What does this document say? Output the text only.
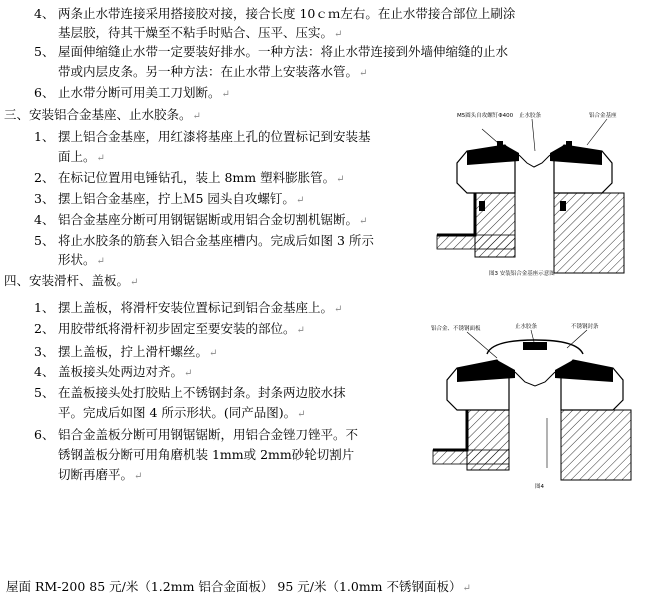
4、 两条止水带连接采用搭接胶对接，接合长度 10ｃｍ左右。在止水带接合部位上刷涂
基层胶，待其干燥至不粘手时贴合、压平、压实。↵
5、 屋面伸缩缝止水带一定要装好排水。一种方法：将止水带连接到外墙伸缩缝的止水
带或内层皮条。另一种方法：在止水带上安装落水管。↵
6、 止水带分断可用美工刀划断。↵
三、安装铝合金基座、止水胶条。↵
1、 摆上铝合金基座，用红漆将基座上孔的位置标记到安装基
面上。↵
2、 在标记位置用电锤钻孔，装上 8mm 塑料膨胀管。↵
3、 摆上铝合金基座，拧上Ｍ5 园头自攻螺钉。↵
4、 铝合金基座分断可用钢锯锯断或用铝合金切割机锯断。↵
5、 将止水胶条的筋套入铝合金基座槽内。完成后如图 3 所示
形状。↵
四、安装滑杆、盖板。↵
1、 摆上盖板，将滑杆安装位置标记到铝合金基座上。↵
2、 用胶带纸将滑杆初步固定至要安装的部位。↵
3、 摆上盖板，拧上滑杆螺丝。↵
4、 盖板接头处两边对齐。↵
5、 在盖板接头处打胶贴上不锈钢封条。封条两边胶水抹
平。完成后如图 4 所示形状。(同产品图)。↵
6、 铝合金盖板分断可用钢锯锯断，用铝合金锉刀锉平。不
锈钢盖板分断可用角磨机装 1mm或 2mm砂轮切割片
切断再磨平。↵
M5圆头自攻螺钉Φ400 止水胶条	铝合金基座
图3 安装铝合金基座示意图
铝合金、不锈钢面板	止水胶条	不锈钢封条
图4
屋面 RM-200 85 元/米（1.2mm 铝合金面板） 95 元/米（1.0mm 不锈钢面板）↵
